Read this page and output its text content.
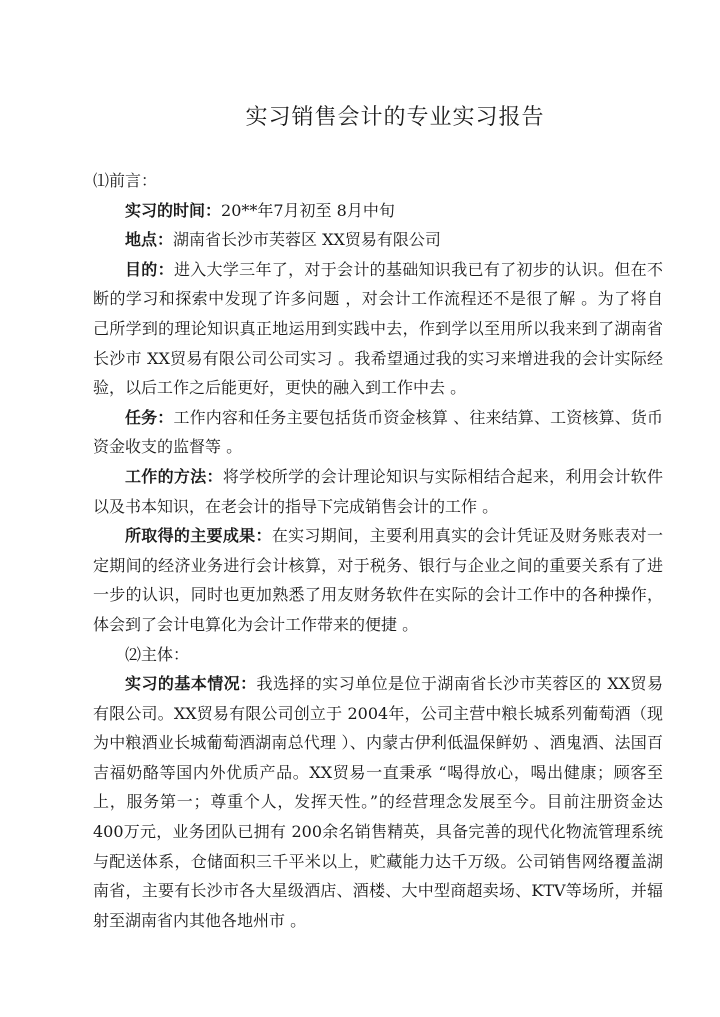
实习销售会计的专业实习报告

⑴前言：

实习的时间：20**年7月初至 8月中旬

地点：湖南省长沙市芙蓉区 XX贸易有限公司

目的：进入大学三年了，对于会计的基础知识我已有了初步的认识。但在不断的学习和探索中发现了许多问题 ，对会计工作流程还不是很了解 。为了将自己所学到的理论知识真正地运用到实践中去，作到学以至用所以我来到了湖南省长沙市 XX贸易有限公司公司实习 。我希望通过我的实习来增进我的会计实际经验，以后工作之后能更好，更快的融入到工作中去 。

任务：工作内容和任务主要包括货币资金核算 、往来结算、工资核算、货币资金收支的监督等 。

工作的方法：将学校所学的会计理论知识与实际相结合起来，利用会计软件以及书本知识，在老会计的指导下完成销售会计的工作 。

所取得的主要成果：在实习期间，主要利用真实的会计凭证及财务账表对一定期间的经济业务进行会计核算，对于税务、银行与企业之间的重要关系有了进一步的认识，同时也更加熟悉了用友财务软件在实际的会计工作中的各种操作，体会到了会计电算化为会计工作带来的便捷 。

⑵主体：

实习的基本情况：我选择的实习单位是位于湖南省长沙市芙蓉区的 XX贸易有限公司。XX贸易有限公司创立于 2004年，公司主营中粮长城系列葡萄酒（现为中粮酒业长城葡萄酒湖南总代理 ）、内蒙古伊利低温保鲜奶 、酒鬼酒、法国百吉福奶酪等国内外优质产品。XX贸易一直秉承 “喝得放心，喝出健康；顾客至上，服务第一；尊重个人，发挥天性。”的经营理念发展至今。目前注册资金达 400万元，业务团队已拥有 200余名销售精英，具备完善的现代化物流管理系统与配送体系，仓储面积三千平米以上，贮藏能力达千万级。公司销售网络覆盖湖南省，主要有长沙市各大星级酒店、酒楼、大中型商超卖场、KTV等场所，并辐射至湖南省内其他各地州市 。
